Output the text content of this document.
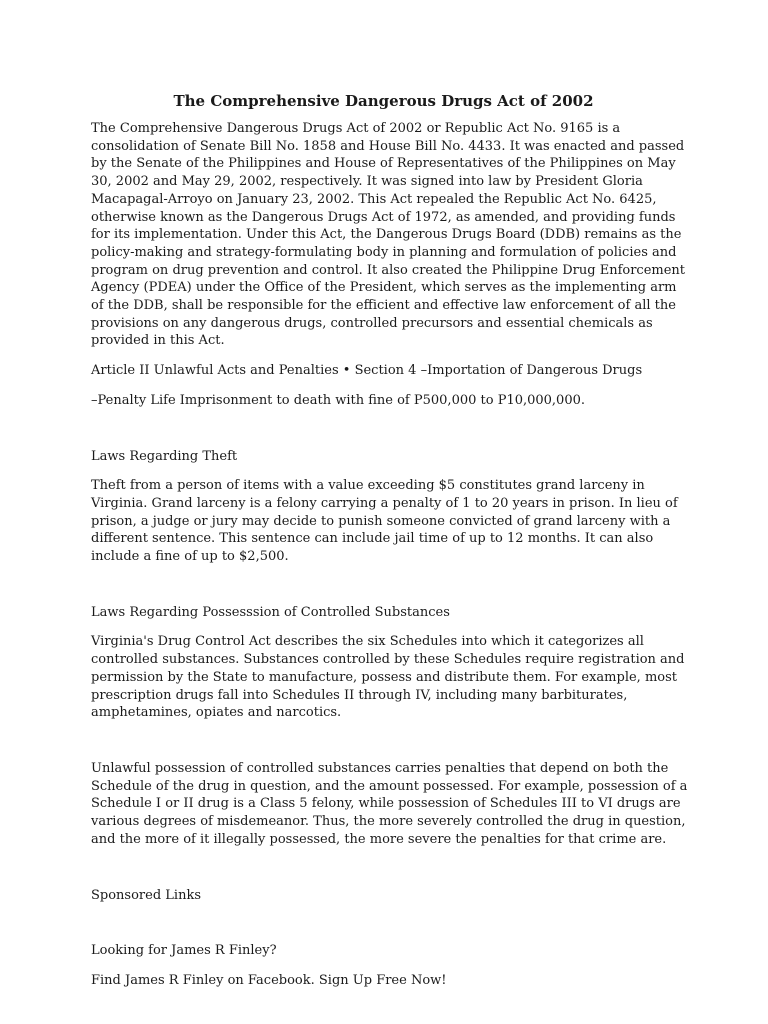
The Comprehensive Dangerous Drugs Act of 2002

The Comprehensive Dangerous Drugs Act of 2002 or Republic Act No. 9165 is a consolidation of Senate Bill No. 1858 and House Bill No. 4433. It was enacted and passed by the Senate of the Philippines and House of Representatives of the Philippines on May 30, 2002 and May 29, 2002, respectively. It was signed into law by President Gloria Macapagal-Arroyo on January 23, 2002. This Act repealed the Republic Act No. 6425, otherwise known as the Dangerous Drugs Act of 1972, as amended, and providing funds for its implementation. Under this Act, the Dangerous Drugs Board (DDB) remains as the policy-making and strategy-formulating body in planning and formulation of policies and program on drug prevention and control. It also created the Philippine Drug Enforcement Agency (PDEA) under the Office of the President, which serves as the implementing arm of the DDB, shall be responsible for the efficient and effective law enforcement of all the provisions on any dangerous drugs, controlled precursors and essential chemicals as provided in this Act.

Article II Unlawful Acts and Penalties • Section 4 –Importation of Dangerous Drugs

–Penalty Life Imprisonment to death with fine of P500,000 to P10,000,000.

Laws Regarding Theft

Theft from a person of items with a value exceeding $5 constitutes grand larceny in Virginia. Grand larceny is a felony carrying a penalty of 1 to 20 years in prison. In lieu of prison, a judge or jury may decide to punish someone convicted of grand larceny with a different sentence. This sentence can include jail time of up to 12 months. It can also include a fine of up to $2,500.

Laws Regarding Possesssion of Controlled Substances

Virginia's Drug Control Act describes the six Schedules into which it categorizes all controlled substances. Substances controlled by these Schedules require registration and permission by the State to manufacture, possess and distribute them. For example, most prescription drugs fall into Schedules II through IV, including many barbiturates, amphetamines, opiates and narcotics.

Unlawful possession of controlled substances carries penalties that depend on both the Schedule of the drug in question, and the amount possessed. For example, possession of a Schedule I or II drug is a Class 5 felony, while possession of Schedules III to VI drugs are various degrees of misdemeanor. Thus, the more severely controlled the drug in question, and the more of it illegally possessed, the more severe the penalties for that crime are.

Sponsored Links

Looking for James R Finley?

Find James R Finley on Facebook. Sign Up Free Now!
